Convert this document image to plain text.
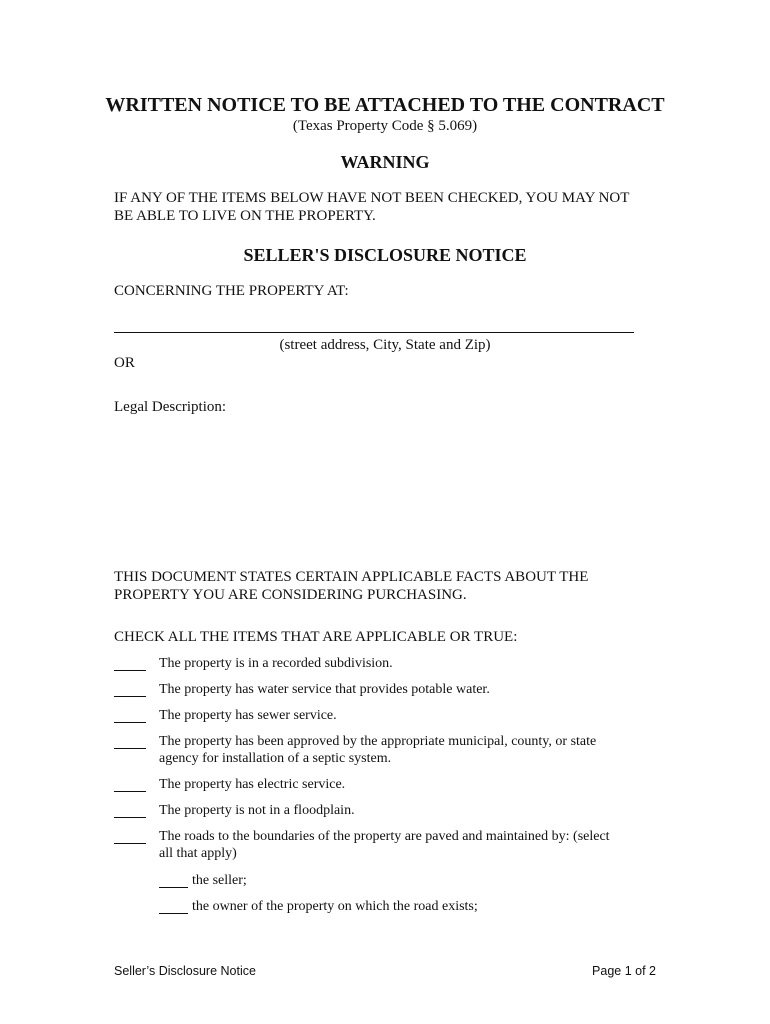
WRITTEN NOTICE TO BE ATTACHED TO THE CONTRACT
(Texas Property Code § 5.069)
WARNING
IF ANY OF THE ITEMS BELOW HAVE NOT BEEN CHECKED, YOU MAY NOT
BE ABLE TO LIVE ON THE PROPERTY.
SELLER'S DISCLOSURE NOTICE
CONCERNING THE PROPERTY AT:
(street address, City, State and Zip)
OR
Legal Description:
THIS DOCUMENT STATES CERTAIN APPLICABLE FACTS ABOUT THE
PROPERTY YOU ARE CONSIDERING PURCHASING.
CHECK ALL THE ITEMS THAT ARE APPLICABLE OR TRUE:
The property is in a recorded subdivision.
The property has water service that provides potable water.
The property has sewer service.
The property has been approved by the appropriate municipal, county, or state
agency for installation of a septic system.
The property has electric service.
The property is not in a floodplain.
The roads to the boundaries of the property are paved and maintained by: (select
all that apply)
the seller;
the owner of the property on which the road exists;
Seller’s Disclosure Notice	Page 1 of 2
